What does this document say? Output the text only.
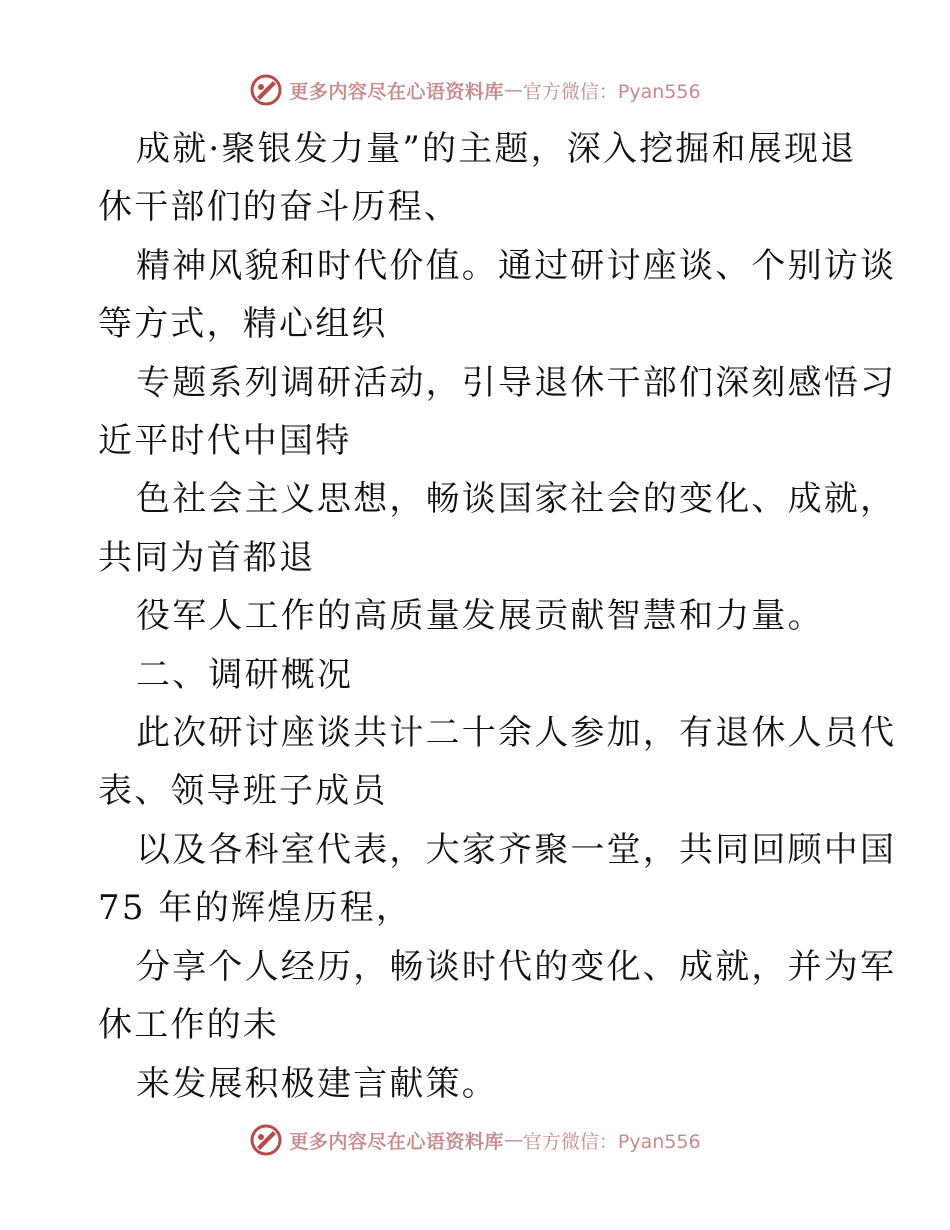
更多内容尽在心语资料库 — 官方微信：Pyan556

成就·聚银发力量”的主题，深入挖掘和展现退

休干部们的奋斗历程、

精神风貌和时代价值。通过研讨座谈、个别访谈

等方式，精心组织

专题系列调研活动，引导退休干部们深刻感悟习

近平时代中国特

色社会主义思想，畅谈国家社会的变化、成就，

共同为首都退

役军人工作的高质量发展贡献智慧和力量。

二、调研概况

此次研讨座谈共计二十余人参加，有退休人员代

表、领导班子成员

以及各科室代表，大家齐聚一堂，共同回顾中国

75 年的辉煌历程，

分享个人经历，畅谈时代的变化、成就，并为军

休工作的未

来发展积极建言献策。

更多内容尽在心语资料库 — 官方微信：Pyan556
